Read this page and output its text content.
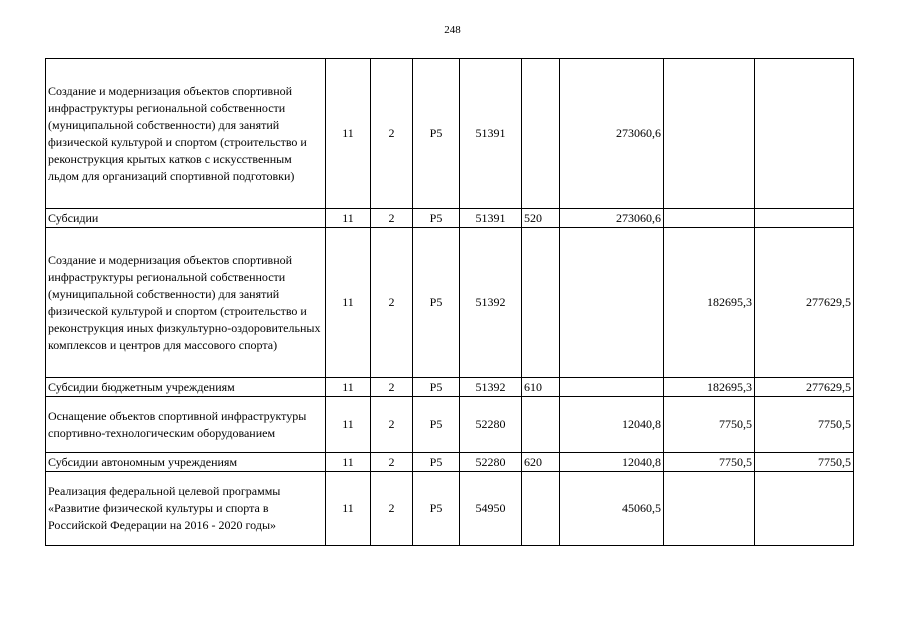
248
Создание и модернизация объектов спортивной инфраструктуры региональной собственности (муниципальной собственности) для занятий физической культурой и спортом (строительство и реконструкция крытых катков с искусственным льдом для организаций спортивной подготовки)	11	2	P5	51391		273060,6		
Субсидии	11	2	P5	51391	520	273060,6		
Создание и модернизация объектов спортивной инфраструктуры региональной собственности (муниципальной собственности) для занятий физической культурой и спортом (строительство и реконструкция иных физкультурно-оздоровительных комплексов и центров для массового спорта)	11	2	P5	51392			182695,3	277629,5
Субсидии бюджетным учреждениям	11	2	P5	51392	610		182695,3	277629,5
Оснащение объектов спортивной инфраструктуры спортивно-технологическим оборудованием	11	2	P5	52280		12040,8	7750,5	7750,5
Субсидии автономным учреждениям	11	2	P5	52280	620	12040,8	7750,5	7750,5
Реализация федеральной целевой программы «Развитие физической культуры и спорта в Российской Федерации на 2016 - 2020 годы»	11	2	P5	54950		45060,5		
